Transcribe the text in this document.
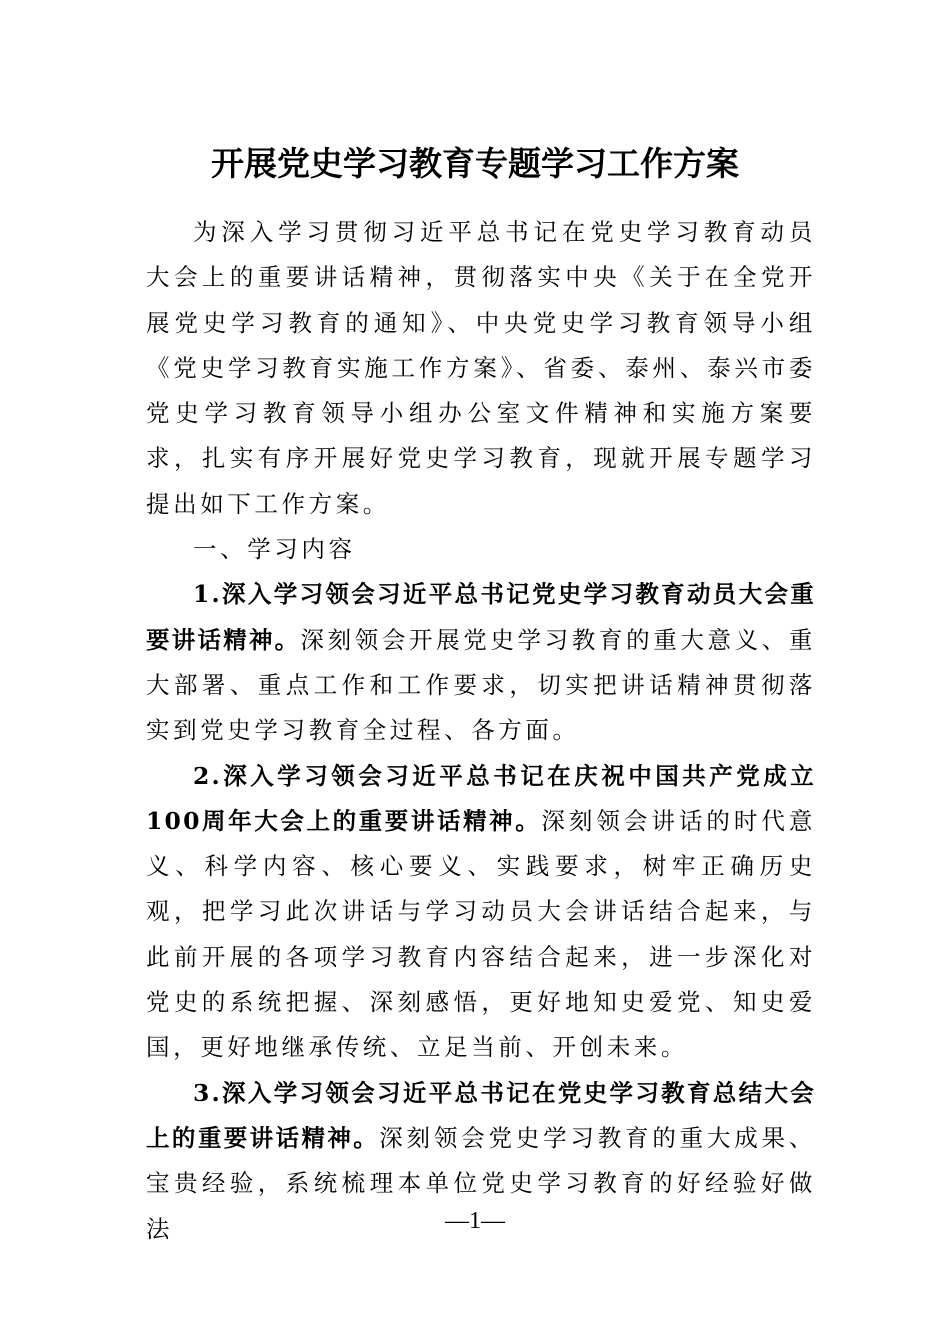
开展党史学习教育专题学习工作方案

为深入学习贯彻习近平总书记在党史学习教育动员大会上的重要讲话精神，贯彻落实中央《关于在全党开展党史学习教育的通知》、中央党史学习教育领导小组《党史学习教育实施工作方案》、省委、泰州、泰兴市委党史学习教育领导小组办公室文件精神和实施方案要求，扎实有序开展好党史学习教育，现就开展专题学习提出如下工作方案。

一、学习内容

1.深入学习领会习近平总书记党史学习教育动员大会重要讲话精神。深刻领会开展党史学习教育的重大意义、重大部署、重点工作和工作要求，切实把讲话精神贯彻落实到党史学习教育全过程、各方面。

2.深入学习领会习近平总书记在庆祝中国共产党成立100周年大会上的重要讲话精神。深刻领会讲话的时代意义、科学内容、核心要义、实践要求，树牢正确历史观，把学习此次讲话与学习动员大会讲话结合起来，与此前开展的各项学习教育内容结合起来，进一步深化对党史的系统把握、深刻感悟，更好地知史爱党、知史爱国，更好地继承传统、立足当前、开创未来。

3.深入学习领会习近平总书记在党史学习教育总结大会上的重要讲话精神。深刻领会党史学习教育的重大成果、宝贵经验，系统梳理本单位党史学习教育的好经验好做法	—1—
